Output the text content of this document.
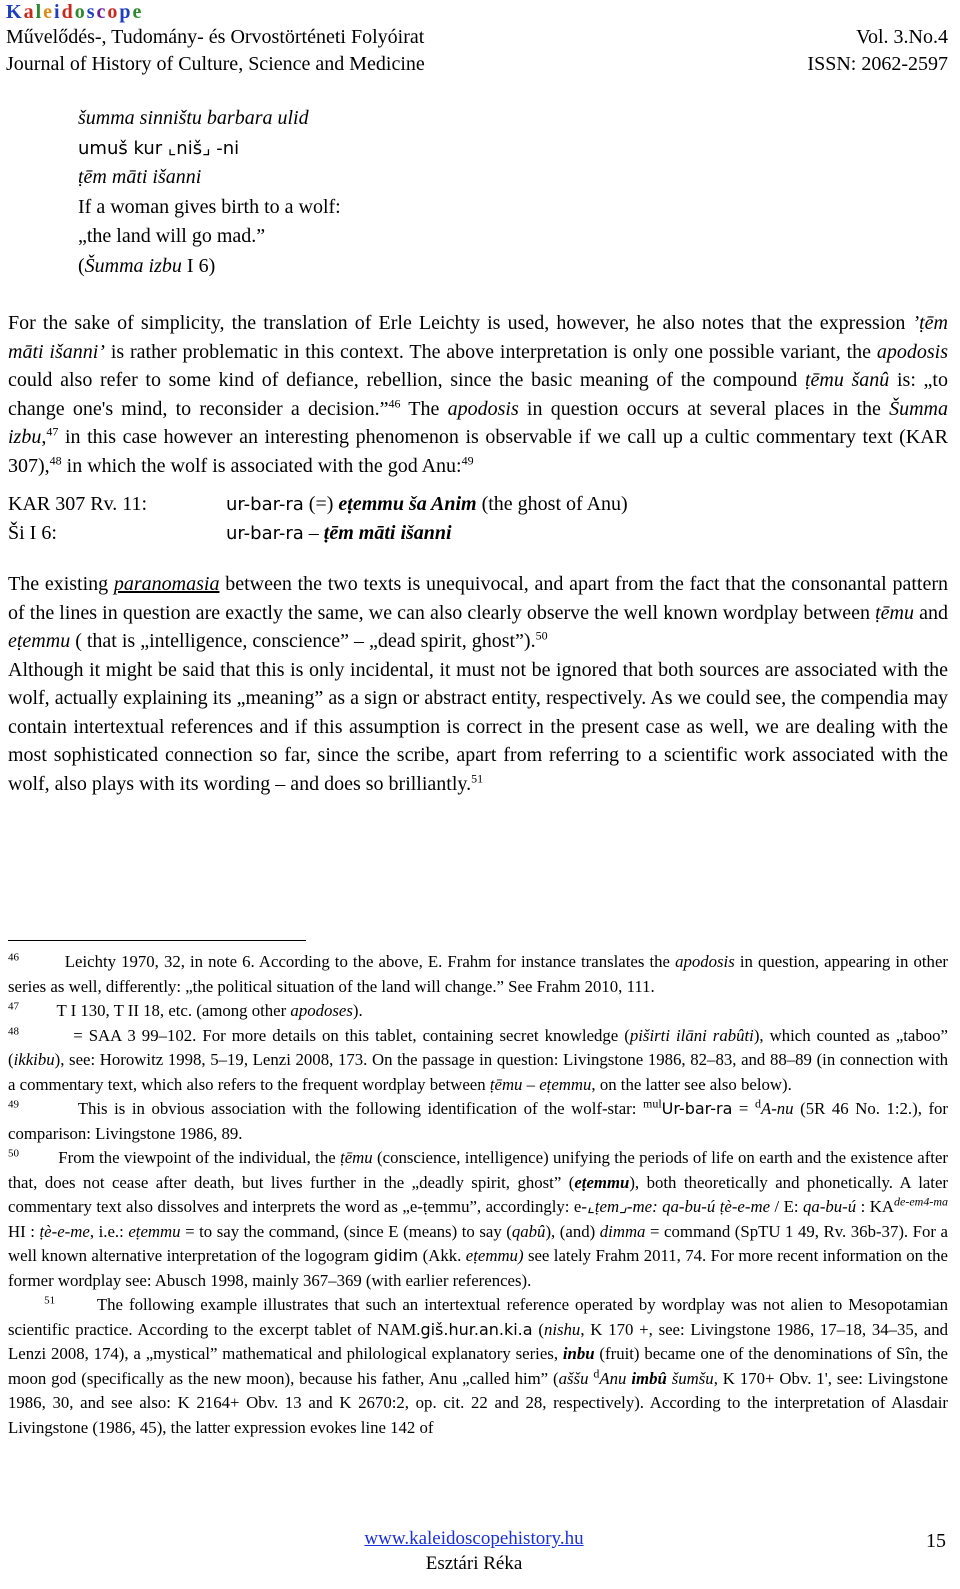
Kaleidoscope
Művelődés-, Tudomány- és Orvostörténeti Folyóirat	Vol. 3.No.4
Journal of History of Culture, Science and Medicine	ISSN: 2062-2597
šumma sinništu barbara ulid
umuš kur ⌞niš⌟ -ni
ṭēm māti išanni
If a woman gives birth to a wolf:
„the land will go mad.”
(Šumma izbu I 6)

For the sake of simplicity, the translation of Erle Leichty is used, however, he also notes that the expression ’ṭēm māti išanni’ is rather problematic in this context. The above interpretation is only one possible variant, the apodosis could also refer to some kind of defiance, rebellion, since the basic meaning of the compound ṭēmu šanû is: „to change one's mind, to reconsider a decision.”$^{46}$ The apodosis in question occurs at several places in the Šumma izbu,$^{47}$ in this case however an interesting phenomenon is observable if we call up a cultic commentary text (KAR 307),$^{48}$ in which the wolf is associated with the god Anu:$^{49}$

KAR 307 Rv. 11:	ur-bar-ra (=) eṭemmu ša Anim (the ghost of Anu)
Ši I 6:	ur-bar-ra – ṭēm māti išanni

The existing paranomasia between the two texts is unequivocal, and apart from the fact that the consonantal pattern of the lines in question are exactly the same, we can also clearly observe the well known wordplay between ṭēmu and eṭemmu ( that is „intelligence, conscience” – „dead spirit, ghost”).$^{50}$

Although it might be said that this is only incidental, it must not be ignored that both sources are associated with the wolf, actually explaining its „meaning” as a sign or abstract entity, respectively. As we could see, the compendia may contain intertextual references and if this assumption is correct in the present case as well, we are dealing with the most sophisticated connection so far, since the scribe, apart from referring to a scientific work associated with the wolf, also plays with its wording – and does so brilliantly.$^{51}$

$^{46}$         Leichty 1970, 32, in note 6. According to the above, E. Frahm for instance translates the apodosis in question, appearing in other series as well, differently: „the political situation of the land will change.” See Frahm 2010, 111.
$^{47}$         T I 130, T II 18, etc. (among other apodoses).
$^{48}$	= SAA 3 99–102. For more details on this tablet, containing secret knowledge (piširti ilāni rabûti), which counted as „taboo” (ikkibu), see: Horowitz 1998, 5–19, Lenzi 2008, 173. On the passage in question: Livingstone 1986, 82–83, and 88–89 (in connection with a commentary text, which also refers to the frequent wordplay between ṭēmu – eṭemmu, on the latter see also below).
$^{49}$	This is in obvious association with the following identification of the wolf-star: $^{mul}$Ur-bar-ra = $^d$A-nu (5R 46 No. 1:2.), for comparison: Livingstone 1986, 89.
$^{50}$         From the viewpoint of the individual, the ṭēmu (conscience, intelligence) unifying the periods of life on earth and the existence after that, does not cease after death, but lives further in the „deadly spirit, ghost” (eṭemmu), both theoretically and phonetically. A later commentary text also dissolves and interprets the word as „e-ṭemmu”, accordingly: e-⌞ṭem⌟-me: qa-bu-ú ṭè-e-me / E: qa-bu-ú : $KA^{de-em4-ma}$ HI : ṭè-e-me, i.e.: eṭemmu = to say the command, (since E (means) to say (qabû), (and) dimma = command (SpTU 1 49, Rv. 36b-37). For a well known alternative interpretation of the logogram gidim (Akk. eṭemmu) see lately Frahm 2011, 74. For more recent information on the former wordplay see: Abusch 1998, mainly 367–369 (with earlier references).
$^{51}$       The following example illustrates that such an intertextual reference operated by wordplay was not alien to Mesopotamian scientific practice. According to the excerpt tablet of NAM.giš.hur.an.ki.a (nishu, K 170 +, see: Livingstone 1986, 17–18, 34–35, and Lenzi 2008, 174), a „mystical” mathematical and philological explanatory series, inbu (fruit) became one of the denominations of Sîn, the moon god (specifically as the new moon), because his father, Anu „called him” (aššu $^d$Anu imbû šumšu, K 170+ Obv. 1', see: Livingstone 1986, 30, and see also: K 2164+ Obv. 13 and K 2670:2, op. cit. 22 and 28, respectively). According to the interpretation of Alasdair Livingstone (1986, 45), the latter expression evokes line 142 of
www.kaleidoscopehistory.hu
Esztári Réka
15
